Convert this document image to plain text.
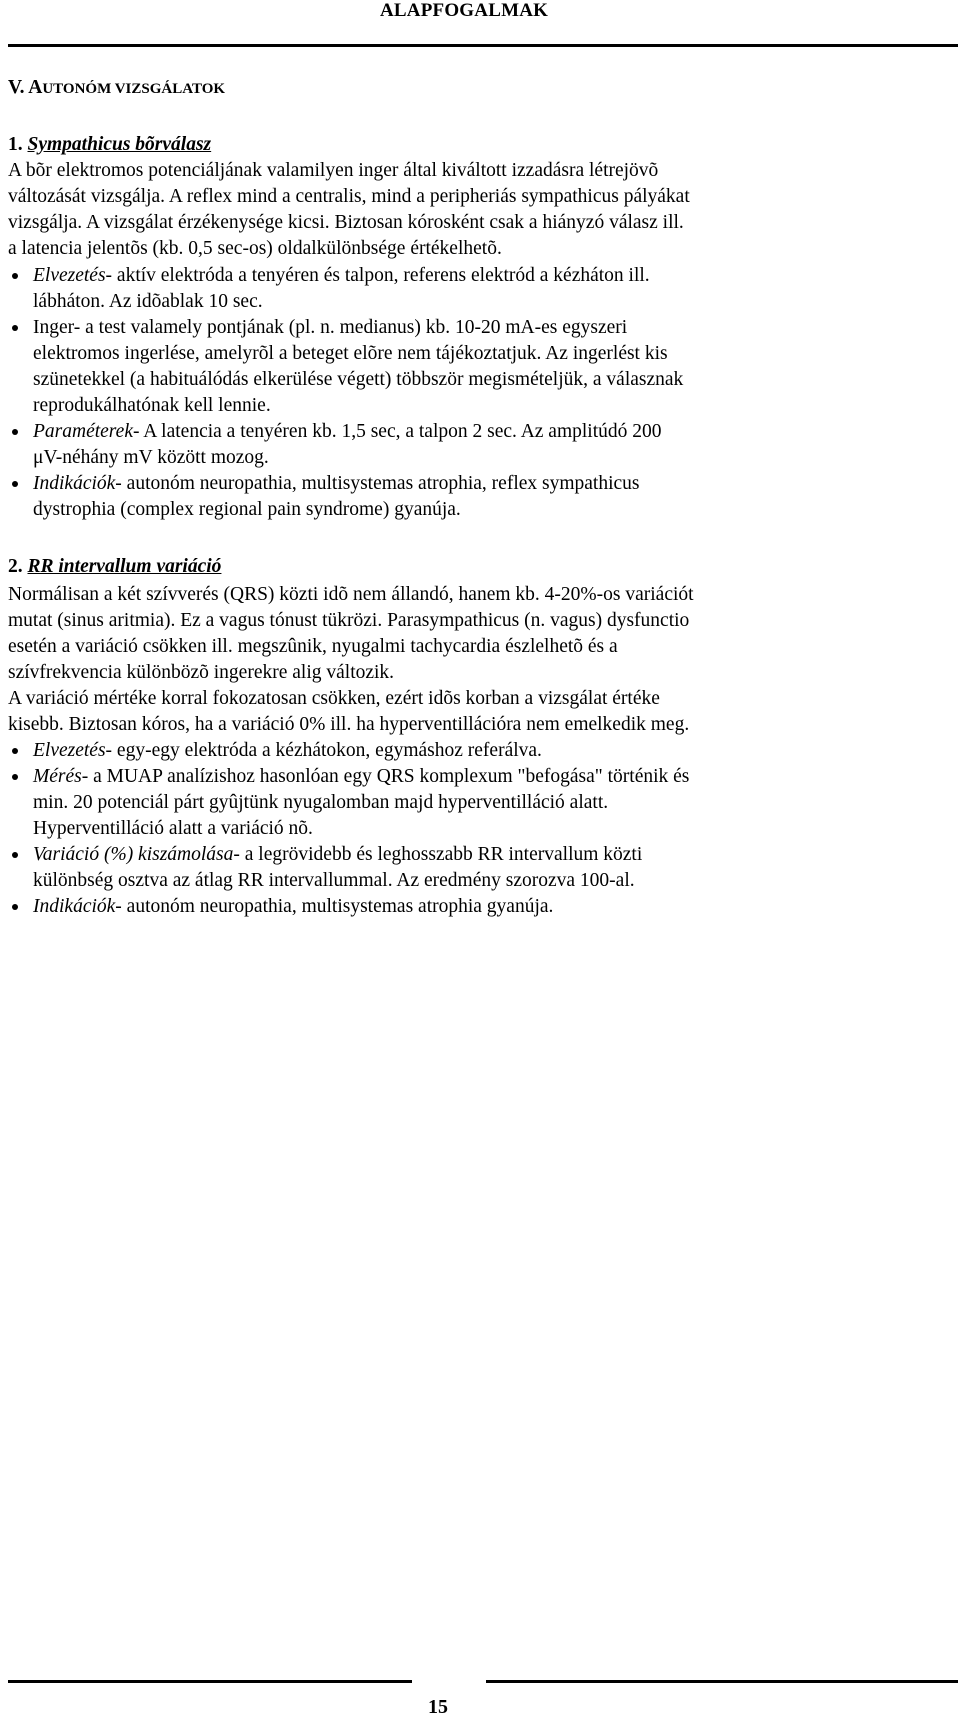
ALAPFOGALMAK
V. AUTONÓM VIZSGÁLATOK
1. Sympathicus bõrválasz
A bõr elektromos potenciáljának valamilyen inger által kiváltott izzadásra létrejövõ
változását vizsgálja. A reflex mind a centralis, mind a peripheriás sympathicus pályákat
vizsgálja. A vizsgálat érzékenysége kicsi. Biztosan kórosként csak a hiányzó válasz ill.
a latencia jelentõs (kb. 0,5 sec-os) oldalkülönbsége értékelhetõ.
Elvezetés- aktív elektróda a tenyéren és talpon, referens elektród a kézháton ill.
lábháton. Az idõablak 10 sec.
Inger- a test valamely pontjának (pl. n. medianus) kb. 10-20 mA-es egyszeri
elektromos ingerlése, amelyrõl a beteget elõre nem tájékoztatjuk. Az ingerlést kis
szünetekkel (a habituálódás elkerülése végett) többször megismételjük, a válasznak
reprodukálhatónak kell lennie.
Paraméterek- A latencia a tenyéren kb. 1,5 sec, a talpon 2 sec. Az amplitúdó 200
μV-néhány mV között mozog.
Indikációk- autonóm neuropathia, multisystemas atrophia, reflex sympathicus
dystrophia (complex regional pain syndrome) gyanúja.
2. RR intervallum variáció
Normálisan a két szívverés (QRS) közti idõ nem állandó, hanem kb. 4-20%-os variációt
mutat (sinus aritmia). Ez a vagus tónust tükrözi. Parasympathicus (n. vagus) dysfunctio
esetén a variáció csökken ill. megszûnik, nyugalmi tachycardia észlelhetõ és a
szívfrekvencia különbözõ ingerekre alig változik.
A variáció mértéke korral fokozatosan csökken, ezért idõs korban a vizsgálat értéke
kisebb. Biztosan kóros, ha a variáció 0% ill. ha hyperventillációra nem emelkedik meg.
Elvezetés- egy-egy elektróda a kézhátokon, egymáshoz referálva.
Mérés- a MUAP analízishoz hasonlóan egy QRS komplexum "befogása" történik és
min. 20 potenciál párt gyûjtünk nyugalomban majd hyperventilláció alatt.
Hyperventilláció alatt a variáció nõ.
Variáció (%) kiszámolása- a legrövidebb és leghosszabb RR intervallum közti
különbség osztva az átlag RR intervallummal. Az eredmény szorozva 100-al.
Indikációk- autonóm neuropathia, multisystemas atrophia gyanúja.
15
